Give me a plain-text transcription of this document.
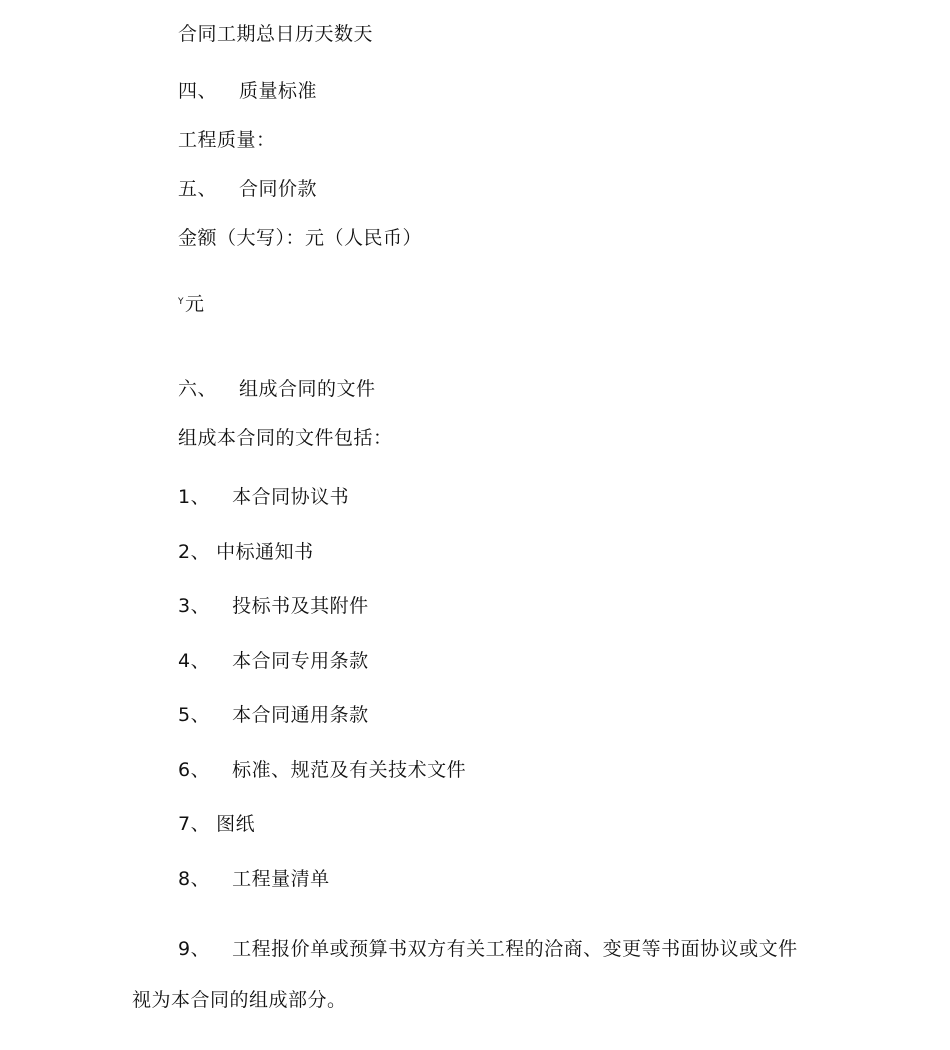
合同工期总日历天数天
四、 质量标准
工程质量：
五、 合同价款
金额（大写）：元（人民币）
$^Y$元
六、 组成合同的文件
组成本合同的文件包括：
1、 本合同协议书
2、 中标通知书
3、 投标书及其附件
4、 本合同专用条款
5、 本合同通用条款
6、 标准、规范及有关技术文件
7、 图纸
8、 工程量清单
9、 工程报价单或预算书双方有关工程的洽商、变更等书面协议或文件
视为本合同的组成部分。
